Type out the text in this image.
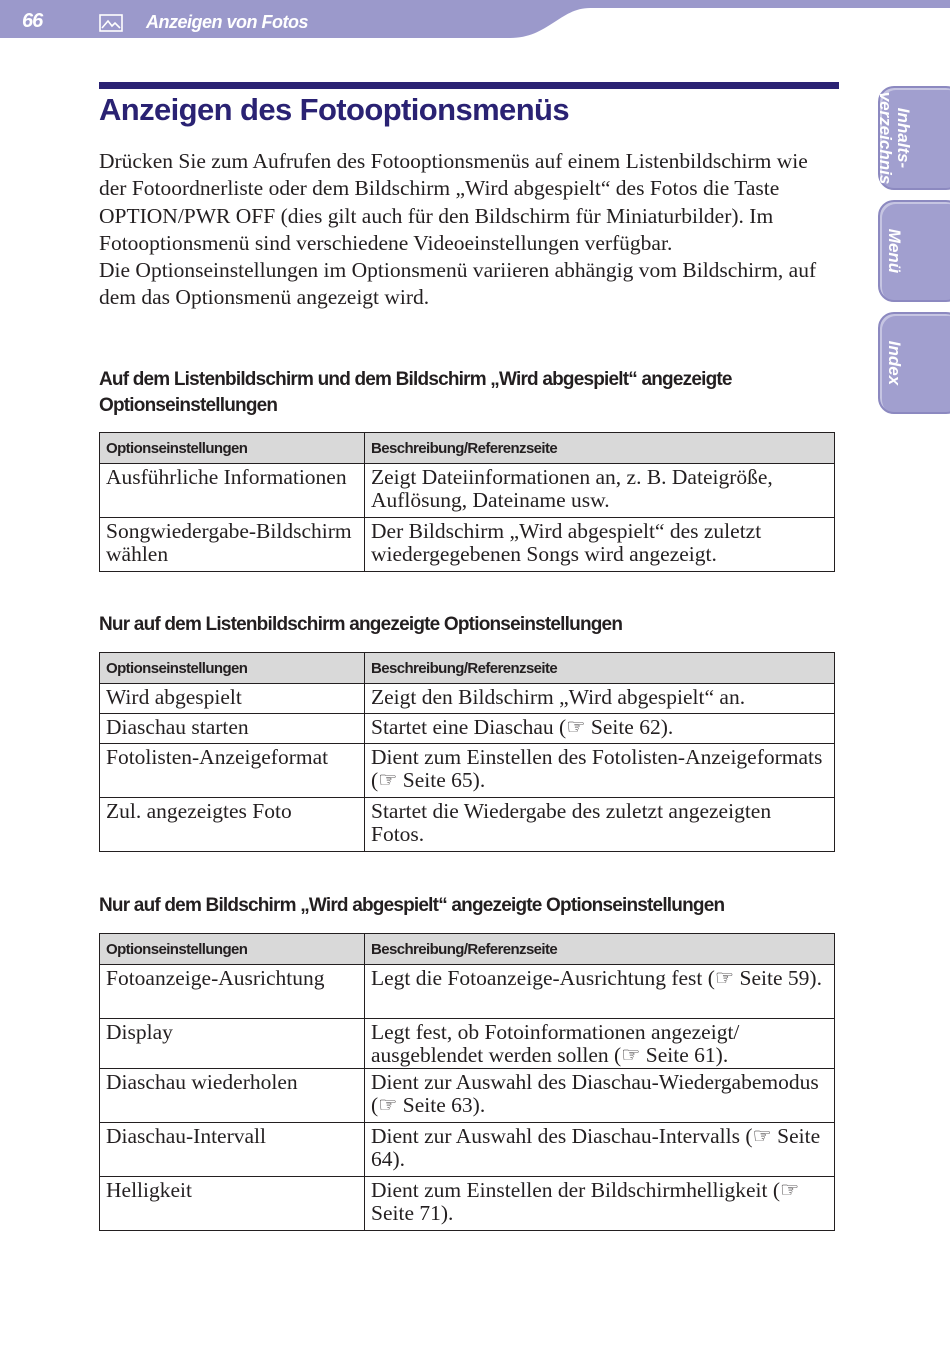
66	Anzeigen von Fotos
Inhalts-
verzeichnis
Menü
Index
Anzeigen des Fotooptionsmenüs

Drücken Sie zum Aufrufen des Fotooptionsmenüs auf einem Listenbildschirm wie der Fotoordnerliste oder dem Bildschirm „Wird abgespielt“ des Fotos die Taste OPTION/PWR OFF (dies gilt auch für den Bildschirm für Miniaturbilder). Im Fotooptionsmenü sind verschiedene Videoeinstellungen verfügbar.

Die Optionseinstellungen im Optionsmenü variieren abhängig vom Bildschirm, auf dem das Optionsmenü angezeigt wird.

Auf dem Listenbildschirm und dem Bildschirm „Wird abgespielt“ angezeigte Optionseinstellungen
Optionseinstellungen	Beschreibung/Referenzseite
Ausführliche Informationen	Zeigt Dateiinformationen an, z. B. Dateigröße, Auflösung, Dateiname usw.
Songwiedergabe-Bildschirm wählen	Der Bildschirm „Wird abgespielt“ des zuletzt wiedergegebenen Songs wird angezeigt.
Nur auf dem Listenbildschirm angezeigte Optionseinstellungen
Optionseinstellungen	Beschreibung/Referenzseite
Wird abgespielt	Zeigt den Bildschirm „Wird abgespielt“ an.
Diaschau starten	Startet eine Diaschau (☞ Seite 62).
Fotolisten-Anzeigeformat	Dient zum Einstellen des Fotolisten-Anzeigeformats (☞ Seite 65).
Zul. angezeigtes Foto	Startet die Wiedergabe des zuletzt angezeigten Fotos.
Nur auf dem Bildschirm „Wird abgespielt“ angezeigte Optionseinstellungen
Optionseinstellungen	Beschreibung/Referenzseite
Fotoanzeige-Ausrichtung	Legt die Fotoanzeige-Ausrichtung fest (☞ Seite 59).
Display	Legt fest, ob Fotoinformationen angezeigt/ ausgeblendet werden sollen (☞ Seite 61).
Diaschau wiederholen	Dient zur Auswahl des Diaschau-Wiedergabemodus (☞ Seite 63).
Diaschau-Intervall	Dient zur Auswahl des Diaschau-Intervalls (☞ Seite 64).
Helligkeit	Dient zum Einstellen der Bildschirmhelligkeit (☞ Seite 71).
